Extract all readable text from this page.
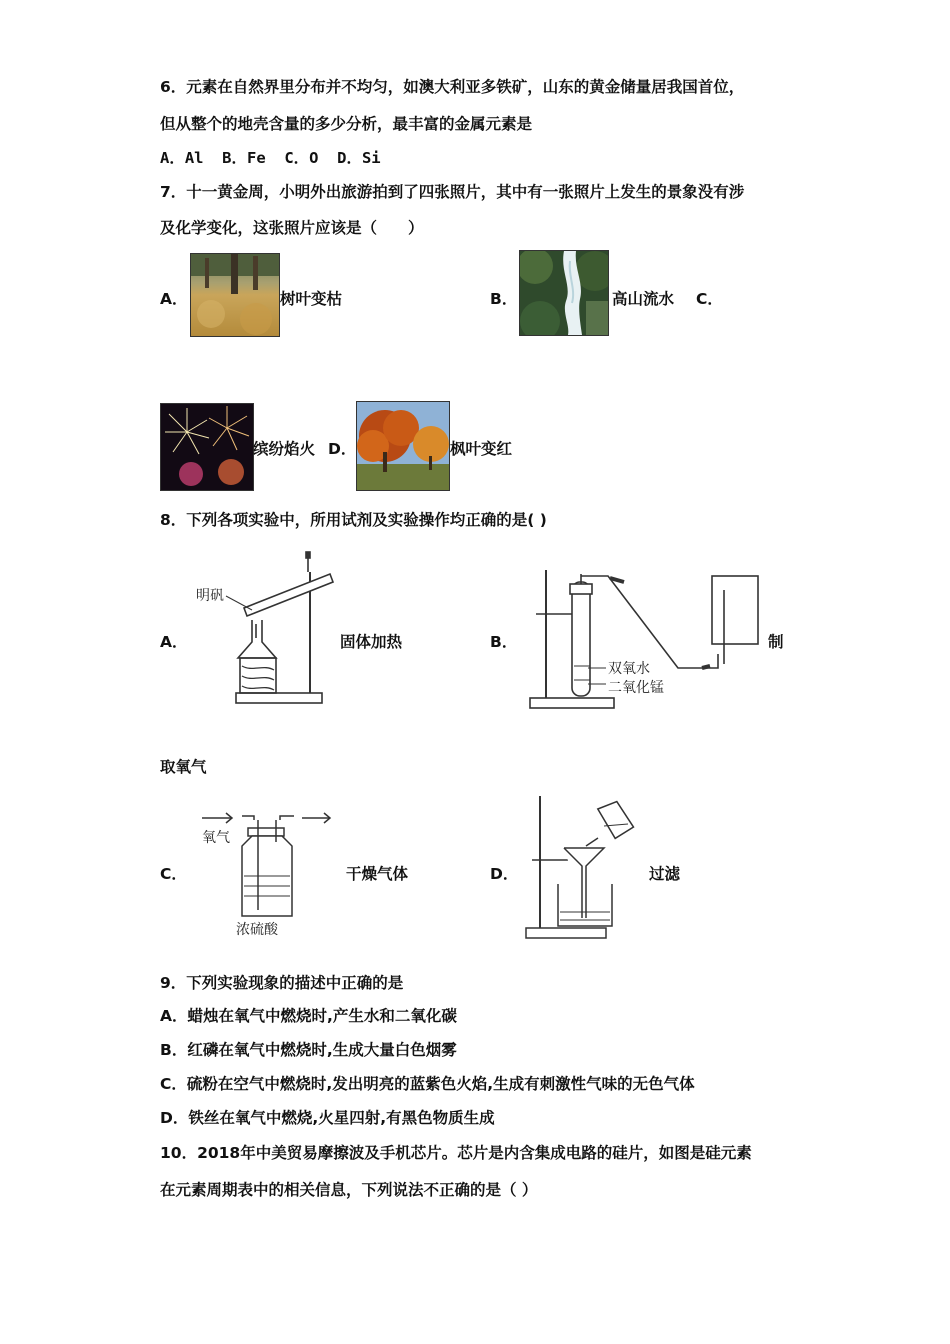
6．元素在自然界里分布并不均匀，如澳大利亚多铁矿，山东的黄金储量居我国首位，
但从整个的地壳含量的多少分析，最丰富的金属元素是
A．Al  B．Fe  C．O  D．Si
7．十一黄金周，小明外出旅游拍到了四张照片，其中有一张照片上发生的景象没有涉
及化学变化，这张照片应该是（　　）
A．	树叶变枯	B．	高山流水 C．
缤纷焰火 D．	枫叶变红
8．下列各项实验中，所用试剂及实验操作均正确的是( )
A．
明矾
固体加热	B．
双氧水
二氧化锰
制
取氧气
C．
氧气
浓硫酸
干燥气体	D．	过滤
9．下列实验现象的描述中正确的是
A．蜡烛在氧气中燃烧时,产生水和二氧化碳
B．红磷在氧气中燃烧时,生成大量白色烟雾
C．硫粉在空气中燃烧时,发出明亮的蓝紫色火焰,生成有刺激性气味的无色气体
D．铁丝在氧气中燃烧,火星四射,有黑色物质生成
10．2018年中美贸易摩擦波及手机芯片。芯片是内含集成电路的硅片，如图是硅元素
在元素周期表中的相关信息，下列说法不正确的是（ ）
